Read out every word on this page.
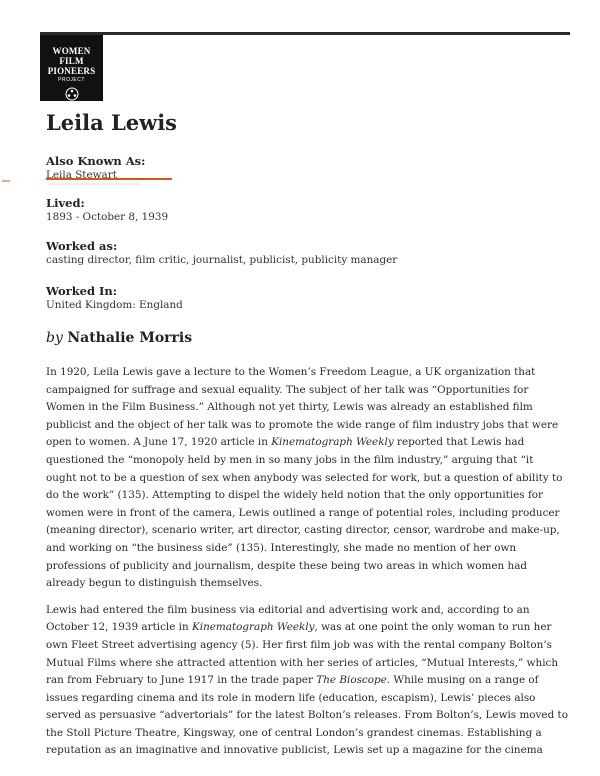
WOMEN
FILM PIONEERS
PROJECT
Leila Lewis
Also Known As:
Leila Stewart
Lived:
1893 - October 8, 1939
Worked as:
casting director, film critic, journalist, publicist, publicity manager
Worked In:
United Kingdom: England
by Nathalie Morris

In 1920, Leila Lewis gave a lecture to the Women’s Freedom League, a UK organization that
campaigned for suffrage and sexual equality. The subject of her talk was “Opportunities for
Women in the Film Business.” Although not yet thirty, Lewis was already an established film
publicist and the object of her talk was to promote the wide range of film industry jobs that were
open to women. A June 17, 1920 article in Kinematograph Weekly reported that Lewis had
questioned the “monopoly held by men in so many jobs in the film industry,” arguing that “it
ought not to be a question of sex when anybody was selected for work, but a question of ability to
do the work” (135). Attempting to dispel the widely held notion that the only opportunities for
women were in front of the camera, Lewis outlined a range of potential roles, including producer
(meaning director), scenario writer, art director, casting director, censor, wardrobe and make-up,
and working on “the business side” (135). Interestingly, she made no mention of her own
professions of publicity and journalism, despite these being two areas in which women had
already begun to distinguish themselves.

Lewis had entered the film business via editorial and advertising work and, according to an
October 12, 1939 article in Kinematograph Weekly, was at one point the only woman to run her
own Fleet Street advertising agency (5). Her first film job was with the rental company Bolton’s
Mutual Films where she attracted attention with her series of articles, “Mutual Interests,” which
ran from February to June 1917 in the trade paper The Bioscope. While musing on a range of
issues regarding cinema and its role in modern life (education, escapism), Lewis’ pieces also
served as persuasive “advertorials” for the latest Bolton’s releases. From Bolton’s, Lewis moved to
the Stoll Picture Theatre, Kingsway, one of central London’s grandest cinemas. Establishing a
reputation as an imaginative and innovative publicist, Lewis set up a magazine for the cinema
